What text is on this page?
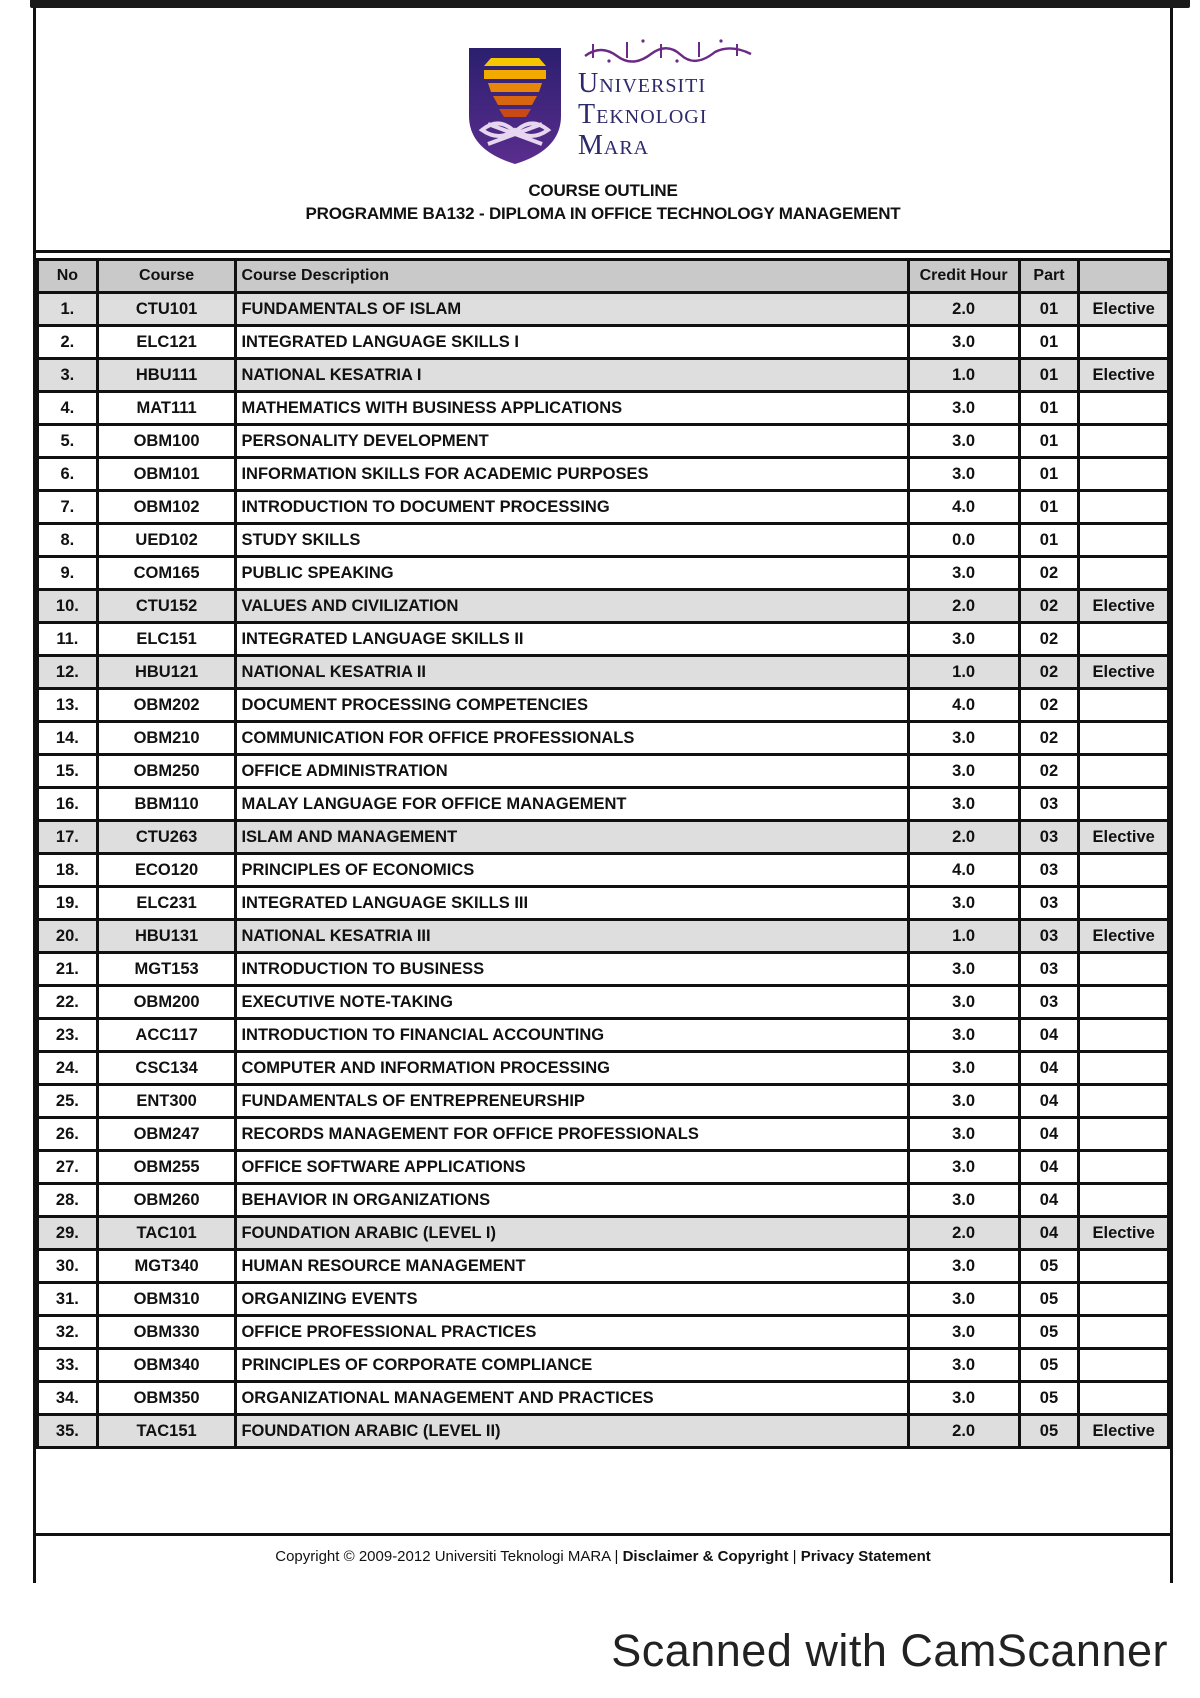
Universiti
Teknologi
Mara
COURSE OUTLINE
PROGRAMME BA132 - DIPLOMA IN OFFICE TECHNOLOGY MANAGEMENT
No	Course	Course Description	Credit Hour	Part	
1.	CTU101	FUNDAMENTALS OF ISLAM	2.0	01	Elective
2.	ELC121	INTEGRATED LANGUAGE SKILLS I	3.0	01	
3.	HBU111	NATIONAL KESATRIA I	1.0	01	Elective
4.	MAT111	MATHEMATICS WITH BUSINESS APPLICATIONS	3.0	01	
5.	OBM100	PERSONALITY DEVELOPMENT	3.0	01	
6.	OBM101	INFORMATION SKILLS FOR ACADEMIC PURPOSES	3.0	01	
7.	OBM102	INTRODUCTION TO DOCUMENT PROCESSING	4.0	01	
8.	UED102	STUDY SKILLS	0.0	01	
9.	COM165	PUBLIC SPEAKING	3.0	02	
10.	CTU152	VALUES AND CIVILIZATION	2.0	02	Elective
11.	ELC151	INTEGRATED LANGUAGE SKILLS II	3.0	02	
12.	HBU121	NATIONAL KESATRIA II	1.0	02	Elective
13.	OBM202	DOCUMENT PROCESSING COMPETENCIES	4.0	02	
14.	OBM210	COMMUNICATION FOR OFFICE PROFESSIONALS	3.0	02	
15.	OBM250	OFFICE ADMINISTRATION	3.0	02	
16.	BBM110	MALAY LANGUAGE FOR OFFICE MANAGEMENT	3.0	03	
17.	CTU263	ISLAM AND MANAGEMENT	2.0	03	Elective
18.	ECO120	PRINCIPLES OF ECONOMICS	4.0	03	
19.	ELC231	INTEGRATED LANGUAGE SKILLS III	3.0	03	
20.	HBU131	NATIONAL KESATRIA III	1.0	03	Elective
21.	MGT153	INTRODUCTION TO BUSINESS	3.0	03	
22.	OBM200	EXECUTIVE NOTE-TAKING	3.0	03	
23.	ACC117	INTRODUCTION TO FINANCIAL ACCOUNTING	3.0	04	
24.	CSC134	COMPUTER AND INFORMATION PROCESSING	3.0	04	
25.	ENT300	FUNDAMENTALS OF ENTREPRENEURSHIP	3.0	04	
26.	OBM247	RECORDS MANAGEMENT FOR OFFICE PROFESSIONALS	3.0	04	
27.	OBM255	OFFICE SOFTWARE APPLICATIONS	3.0	04	
28.	OBM260	BEHAVIOR IN ORGANIZATIONS	3.0	04	
29.	TAC101	FOUNDATION ARABIC (LEVEL I)	2.0	04	Elective
30.	MGT340	HUMAN RESOURCE MANAGEMENT	3.0	05	
31.	OBM310	ORGANIZING EVENTS	3.0	05	
32.	OBM330	OFFICE PROFESSIONAL PRACTICES	3.0	05	
33.	OBM340	PRINCIPLES OF CORPORATE COMPLIANCE	3.0	05	
34.	OBM350	ORGANIZATIONAL MANAGEMENT AND PRACTICES	3.0	05	
35.	TAC151	FOUNDATION ARABIC (LEVEL II)	2.0	05	Elective
Copyright © 2009-2012 Universiti Teknologi MARA | Disclaimer & Copyright | Privacy Statement
Scanned with CamScanner
